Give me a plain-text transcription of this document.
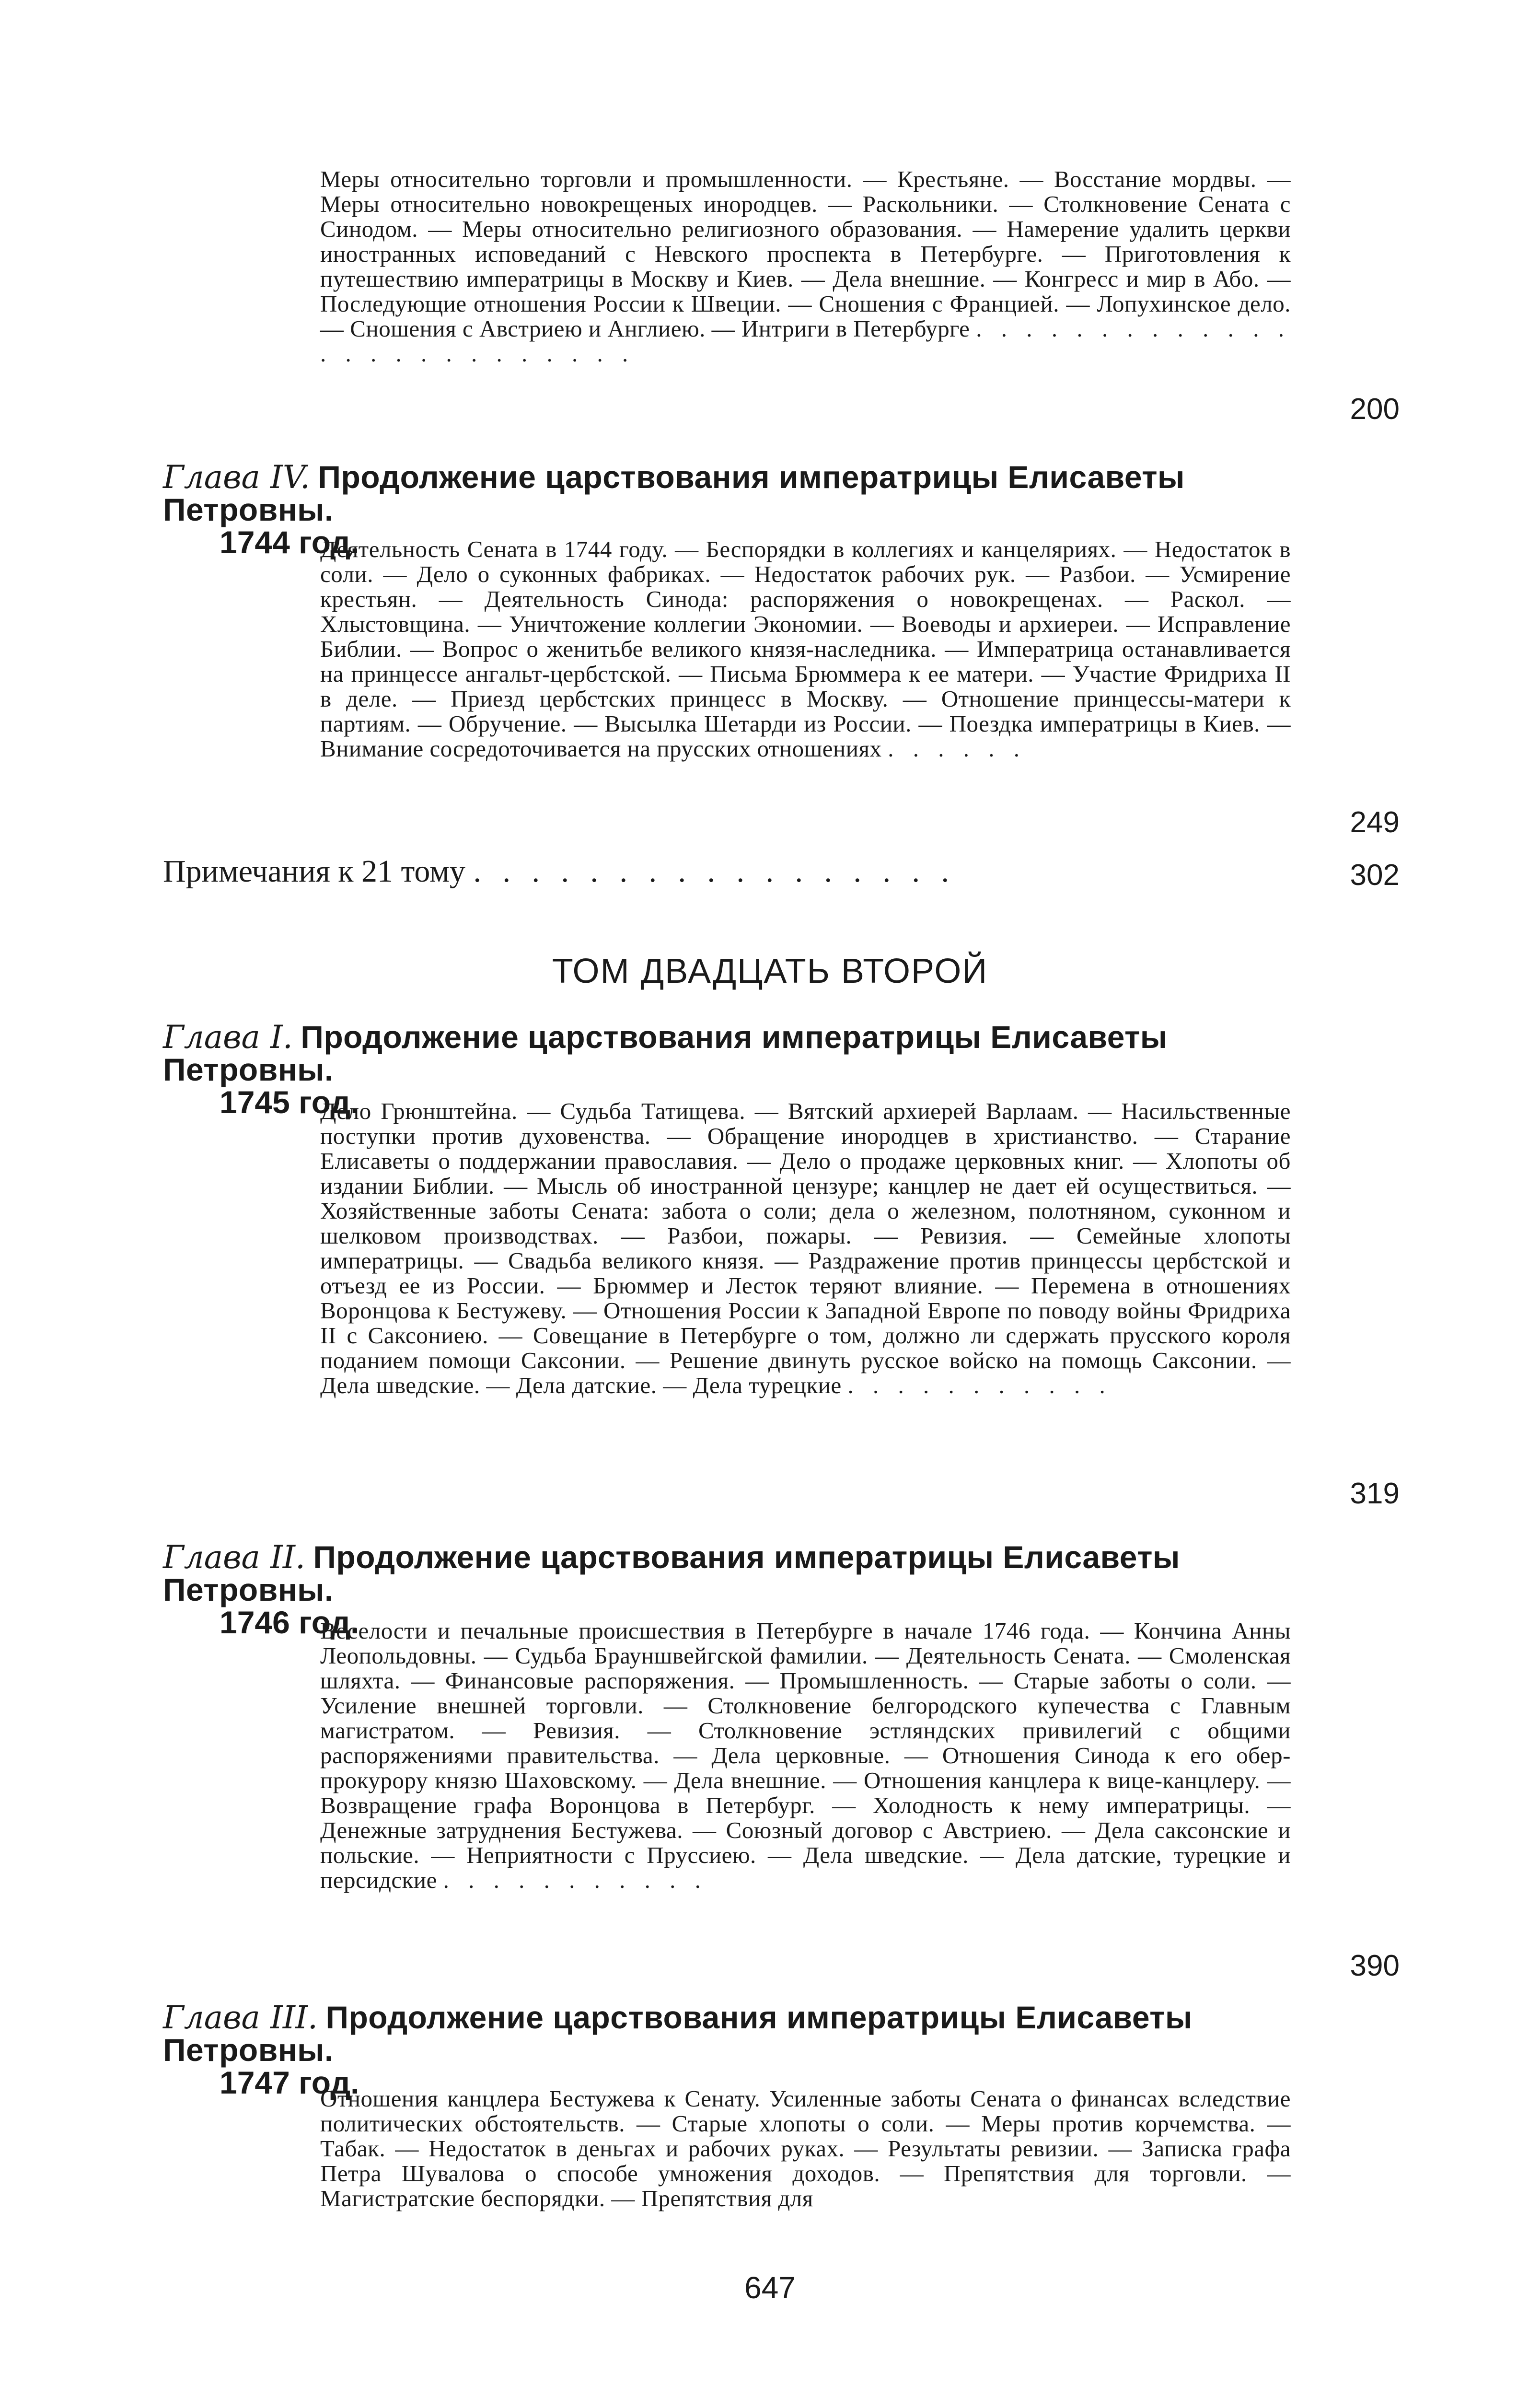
Меры относительно торговли и промышленности. — Крестьяне. — Восстание мордвы. — Меры относительно новокрещеных инородцев. — Раскольники. — Столкновение Сената с Синодом. — Меры относительно религиозного образования. — Намерение удалить церкви иностранных исповеданий с Невского проспекта в Петербурге. — Приготовления к путешествию императрицы в Москву и Киев. — Дела внешние. — Конгресс и мир в Або. — Последующие отношения России к Швеции. — Сношения с Францией. — Лопухинское дело. — Сношения с Австриею и Англиею. — Интриги в Петербурге . . . . . . . . . . . . . . . . . . . . . . . . . .
200
Глава IV. Продолжение царствования императрицы Елисаветы Петровны.
1744 год.
Деятельность Сената в 1744 году. — Беспорядки в коллегиях и канцеляриях. — Недостаток в соли. — Дело о суконных фабриках. — Недостаток рабочих рук. — Разбои. — Усмирение крестьян. — Деятельность Синода: распоряжения о новокрещенах. — Раскол. — Хлыстовщина. — Уничтожение коллегии Экономии. — Воеводы и архиереи. — Исправление Библии. — Вопрос о женитьбе великого князя-наследника. — Императрица останавливается на принцессе ангальт-цербстской. — Письма Брюммера к ее матери. — Участие Фридриха II в деле. — Приезд цербстских принцесс в Москву. — Отношение принцессы-матери к партиям. — Обручение. — Высылка Шетарди из России. — Поездка императрицы в Киев. — Внимание сосредоточивается на прусских отношениях . . . . . .
249
Примечания к 21 тому . . . . . . . . . . . . . . . . .	302
ТОМ ДВАДЦАТЬ ВТОРОЙ
Глава I. Продолжение царствования императрицы Елисаветы Петровны.
1745 год.
Дело Грюнштейна. — Судьба Татищева. — Вятский архиерей Варлаам. — Насильственные поступки против духовенства. — Обращение инородцев в христианство. — Старание Елисаветы о поддержании православия. — Дело о продаже церковных книг. — Хлопоты об издании Библии. — Мысль об иностранной цензуре; канцлер не дает ей осуществиться. — Хозяйственные заботы Сената: забота о соли; дела о железном, полотняном, суконном и шелковом производствах. — Разбои, пожары. — Ревизия. — Семейные хлопоты императрицы. — Свадьба великого князя. — Раздражение против принцессы цербстской и отъезд ее из России. — Брюммер и Лесток теряют влияние. — Перемена в отношениях Воронцова к Бестужеву. — Отношения России к Западной Европе по поводу войны Фридриха II с Саксониею. — Совещание в Петербурге о том, должно ли сдержать прусского короля поданием помощи Саксонии. — Решение двинуть русское войско на помощь Саксонии. — Дела шведские. — Дела датские. — Дела турецкие . . . . . . . . . . .
319
Глава II. Продолжение царствования императрицы Елисаветы Петровны.
1746 год.
Веселости и печальные происшествия в Петербурге в начале 1746 года. — Кончина Анны Леопольдовны. — Судьба Брауншвейгской фамилии. — Деятельность Сената. — Смоленская шляхта. — Финансовые распоряжения. — Промышленность. — Старые заботы о соли. — Усиление внешней торговли. — Столкновение белгородского купечества с Главным магистратом. — Ревизия. — Столкновение эстляндских привилегий с общими распоряжениями правительства. — Дела церковные. — Отношения Синода к его обер-прокурору князю Шаховскому. — Дела внешние. — Отношения канцлера к вице-канцлеру. — Возвращение графа Воронцова в Петербург. — Холодность к нему императрицы. — Денежные затруднения Бестужева. — Союзный договор с Австриею. — Дела саксонские и польские. — Неприятности с Пруссиею. — Дела шведские. — Дела датские, турецкие и персидские . . . . . . . . . . .
390
Глава III. Продолжение царствования императрицы Елисаветы Петровны.
1747 год.
Отношения канцлера Бестужева к Сенату. Усиленные заботы Сената о финансах вследствие политических обстоятельств. — Старые хлопоты о соли. — Меры против корчемства. — Табак. — Недостаток в деньгах и рабочих руках. — Результаты ревизии. — Записка графа Петра Шувалова о способе умножения доходов. — Препятствия для торговли. — Магистратские беспорядки. — Препятствия для
647
